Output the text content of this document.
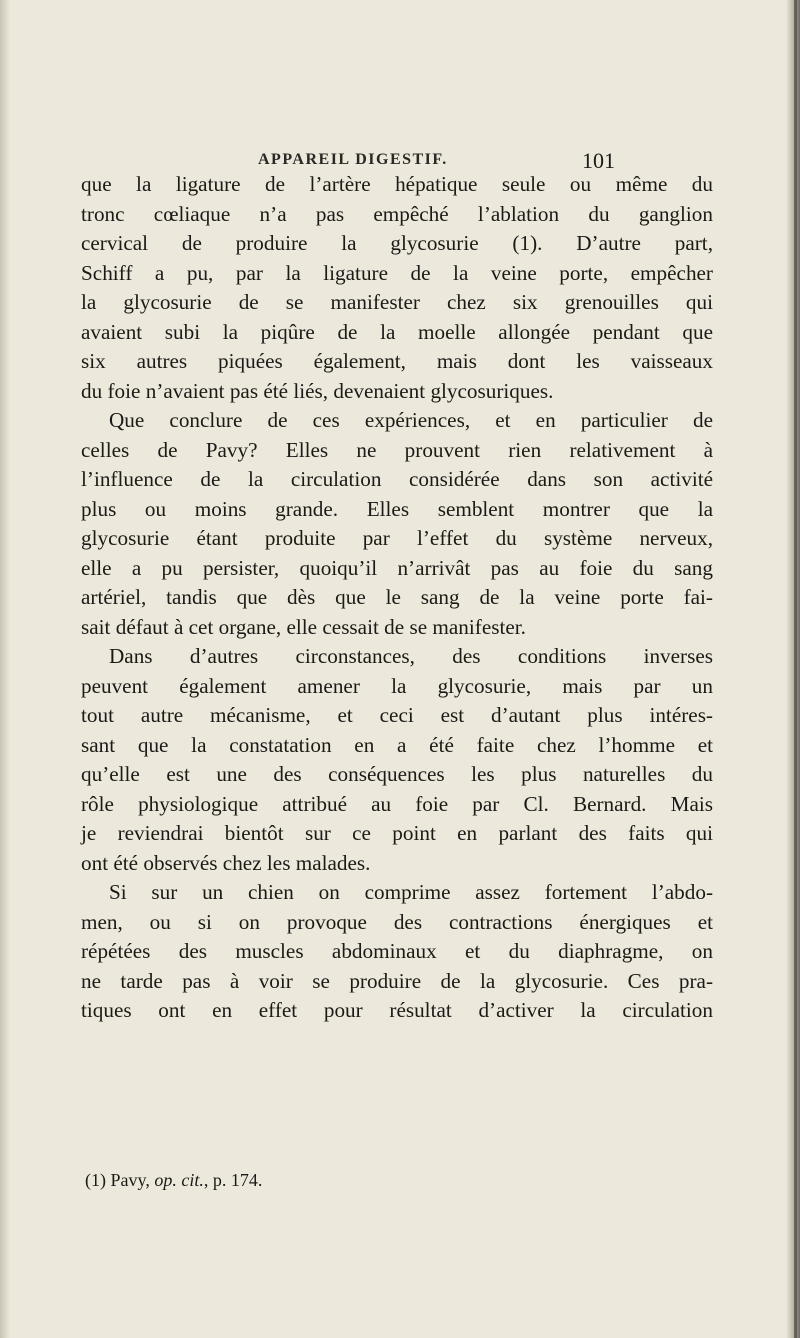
APPAREIL DIGESTIF.	101
que la ligature de l’artère hépatique seule ou même du
tronc cœliaque n’a pas empêché l’ablation du ganglion
cervical de produire la glycosurie (1). D’autre part,
Schiff a pu, par la ligature de la veine porte, empêcher
la glycosurie de se manifester chez six grenouilles qui
avaient subi la piqûre de la moelle allongée pendant que
six autres piquées également, mais dont les vaisseaux
du foie n’avaient pas été liés, devenaient glycosuriques.
Que conclure de ces expériences, et en particulier de
celles de Pavy? Elles ne prouvent rien relativement à
l’influence de la circulation considérée dans son activité
plus ou moins grande. Elles semblent montrer que la
glycosurie étant produite par l’effet du système nerveux,
elle a pu persister, quoiqu’il n’arrivât pas au foie du sang
artériel, tandis que dès que le sang de la veine porte fai-
sait défaut à cet organe, elle cessait de se manifester.
Dans d’autres circonstances, des conditions inverses
peuvent également amener la glycosurie, mais par un
tout autre mécanisme, et ceci est d’autant plus intéres-
sant que la constatation en a été faite chez l’homme et
qu’elle est une des conséquences les plus naturelles du
rôle physiologique attribué au foie par Cl. Bernard. Mais
je reviendrai bientôt sur ce point en parlant des faits qui
ont été observés chez les malades.
Si sur un chien on comprime assez fortement l’abdo-
men, ou si on provoque des contractions énergiques et
répétées des muscles abdominaux et du diaphragme, on
ne tarde pas à voir se produire de la glycosurie. Ces pra-
tiques ont en effet pour résultat d’activer la circulation
(1) Pavy, op. cit., p. 174.
